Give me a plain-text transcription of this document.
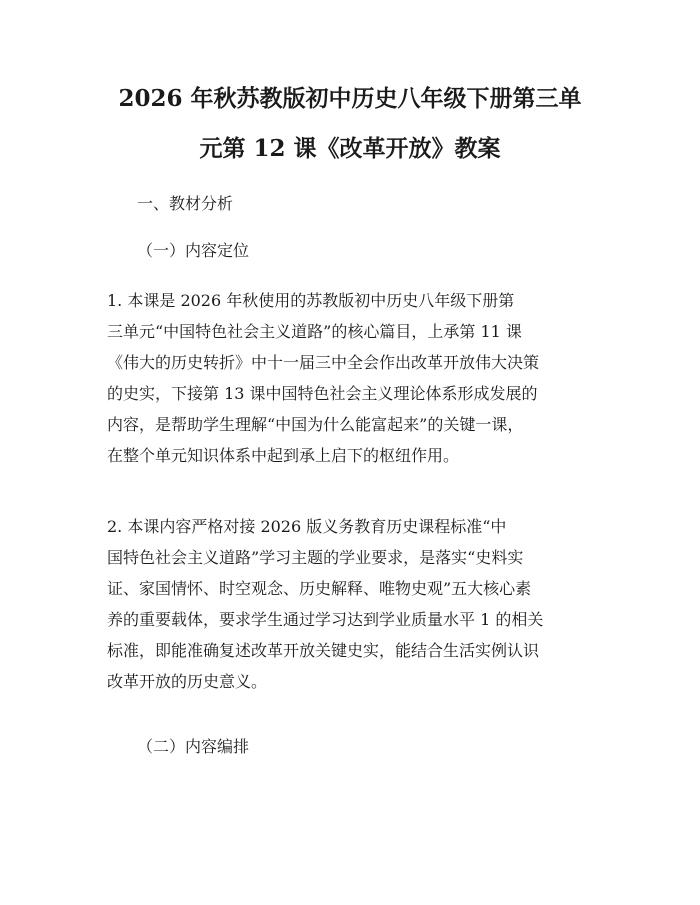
2026 年秋苏教版初中历史八年级下册第三单
元第 12 课《改革开放》教案
一、教材分析
（一）内容定位
1. 本课是 2026 年秋使用的苏教版初中历史八年级下册第
三单元“中国特色社会主义道路”的核心篇目，上承第 11 课
《伟大的历史转折》中十一届三中全会作出改革开放伟大决策
的史实，下接第 13 课中国特色社会主义理论体系形成发展的
内容，是帮助学生理解“中国为什么能富起来”的关键一课，
在整个单元知识体系中起到承上启下的枢纽作用。
2. 本课内容严格对接 2026 版义务教育历史课程标准“中
国特色社会主义道路”学习主题的学业要求，是落实“史料实
证、家国情怀、时空观念、历史解释、唯物史观”五大核心素
养的重要载体，要求学生通过学习达到学业质量水平 1 的相关
标准，即能准确复述改革开放关键史实，能结合生活实例认识
改革开放的历史意义。
（二）内容编排
